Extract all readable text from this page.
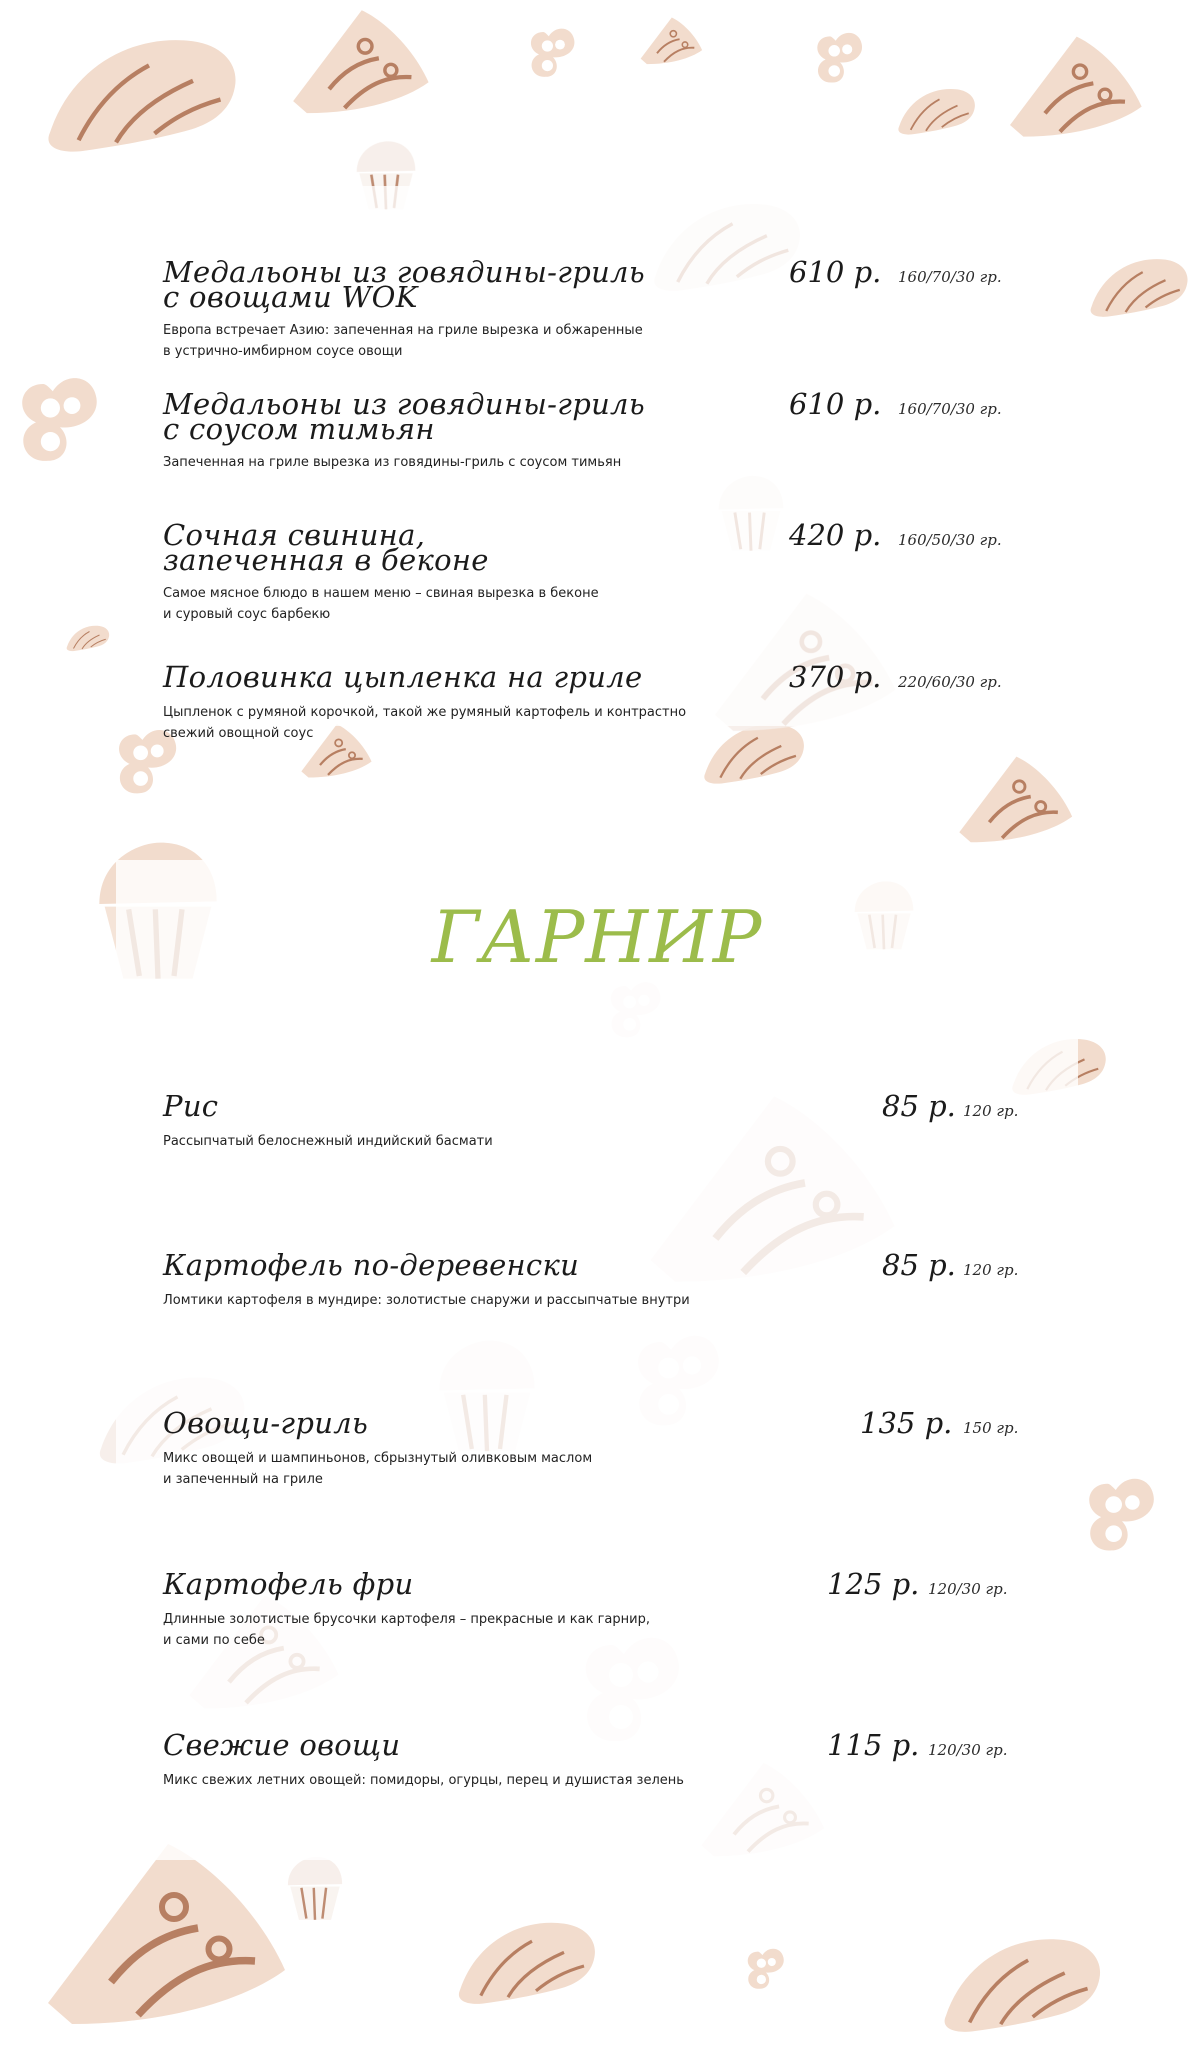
Медальоны из говядины-гриль
с овощами WOK
610 р. 160/70/30 гр.
Европа встречает Азию: запеченная на гриле вырезка и обжаренные
в устрично-имбирном соусе овощи
Медальоны из говядины-гриль
с соусом тимьян
610 р. 160/70/30 гр.
Запеченная на гриле вырезка из говядины-гриль с соусом тимьян
Сочная свинина,
запеченная в беконе
420 р. 160/50/30 гр.
Самое мясное блюдо в нашем меню – свиная вырезка в беконе
и суровый соус барбекю
Половинка цыпленка на гриле	370 р. 220/60/30 гр.
Цыпленок с румяной корочкой, такой же румяный картофель и контрастно
свежий овощной соус
ГАРНИР
Рис	85 р. 120 гр.
Рассыпчатый белоснежный индийский басмати
Картофель по-деревенски	85 р. 120 гр.
Ломтики картофеля в мундире: золотистые снаружи и рассыпчатые внутри
Овощи-гриль	135 р. 150 гр.
Микс овощей и шампиньонов, сбрызнутый оливковым маслом
и запеченный на гриле
Картофель фри	125 р. 120/30 гр.
Длинные золотистые брусочки картофеля – прекрасные и как гарнир,
и сами по себе
Свежие овощи	115 р. 120/30 гр.
Микс свежих летних овощей: помидоры, огурцы, перец и душистая зелень
